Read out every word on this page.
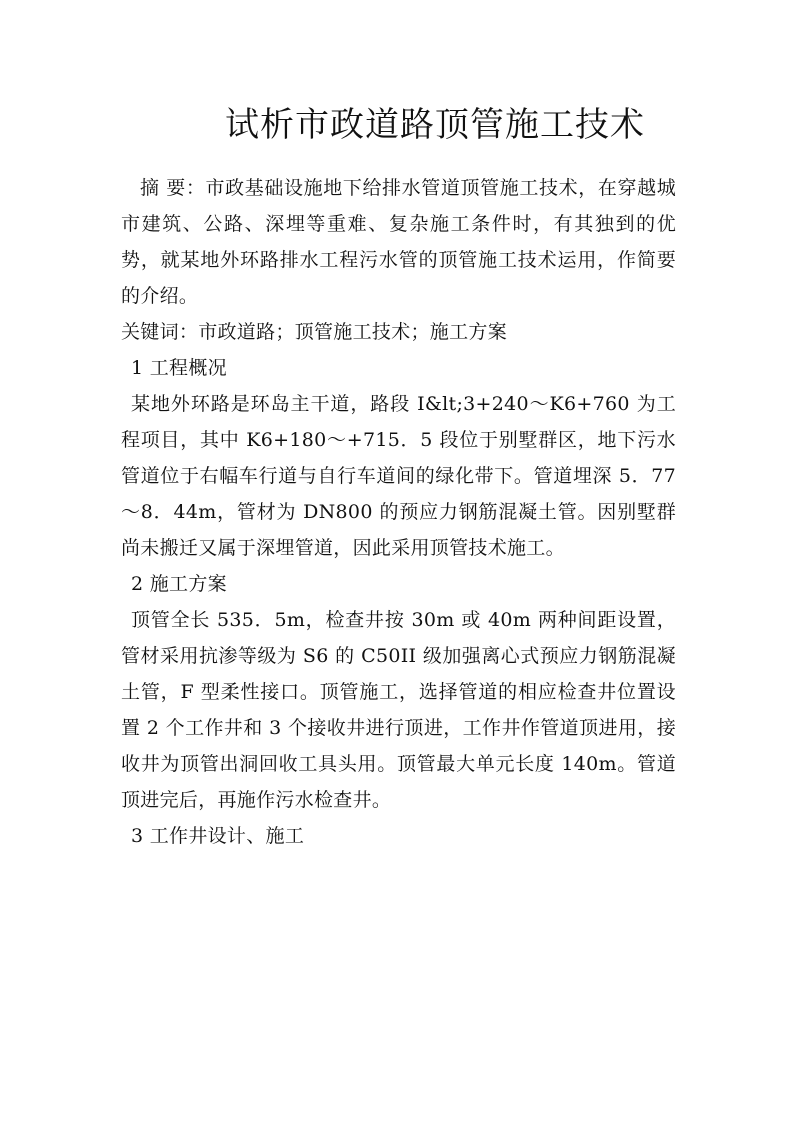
试析市政道路顶管施工技术

摘 要：市政基础设施地下给排水管道顶管施工技术，在穿越城市建筑、公路、深埋等重难、复杂施工条件时，有其独到的优势，就某地外环路排水工程污水管的顶管施工技术运用，作简要的介绍。

关键词：市政道路；顶管施工技术；施工方案

1 工程概况

某地外环路是环岛主干道，路段 I&lt;3+240～K6+760 为工程项目，其中 K6+180～+715．5 段位于别墅群区，地下污水管道位于右幅车行道与自行车道间的绿化带下。管道埋深 5．77～8．44m，管材为 DN800 的预应力钢筋混凝土管。因别墅群尚未搬迁又属于深埋管道，因此采用顶管技术施工。

2 施工方案

顶管全长 535．5m，检查井按 30m 或 40m 两种间距设置，管材采用抗渗等级为 S6 的 C50II 级加强离心式预应力钢筋混凝土管，F 型柔性接口。顶管施工，选择管道的相应检查井位置设置 2 个工作井和 3 个接收井进行顶进，工作井作管道顶进用，接收井为顶管出洞回收工具头用。顶管最大单元长度 140m。管道顶进完后，再施作污水检查井。

3 工作井设计、施工
